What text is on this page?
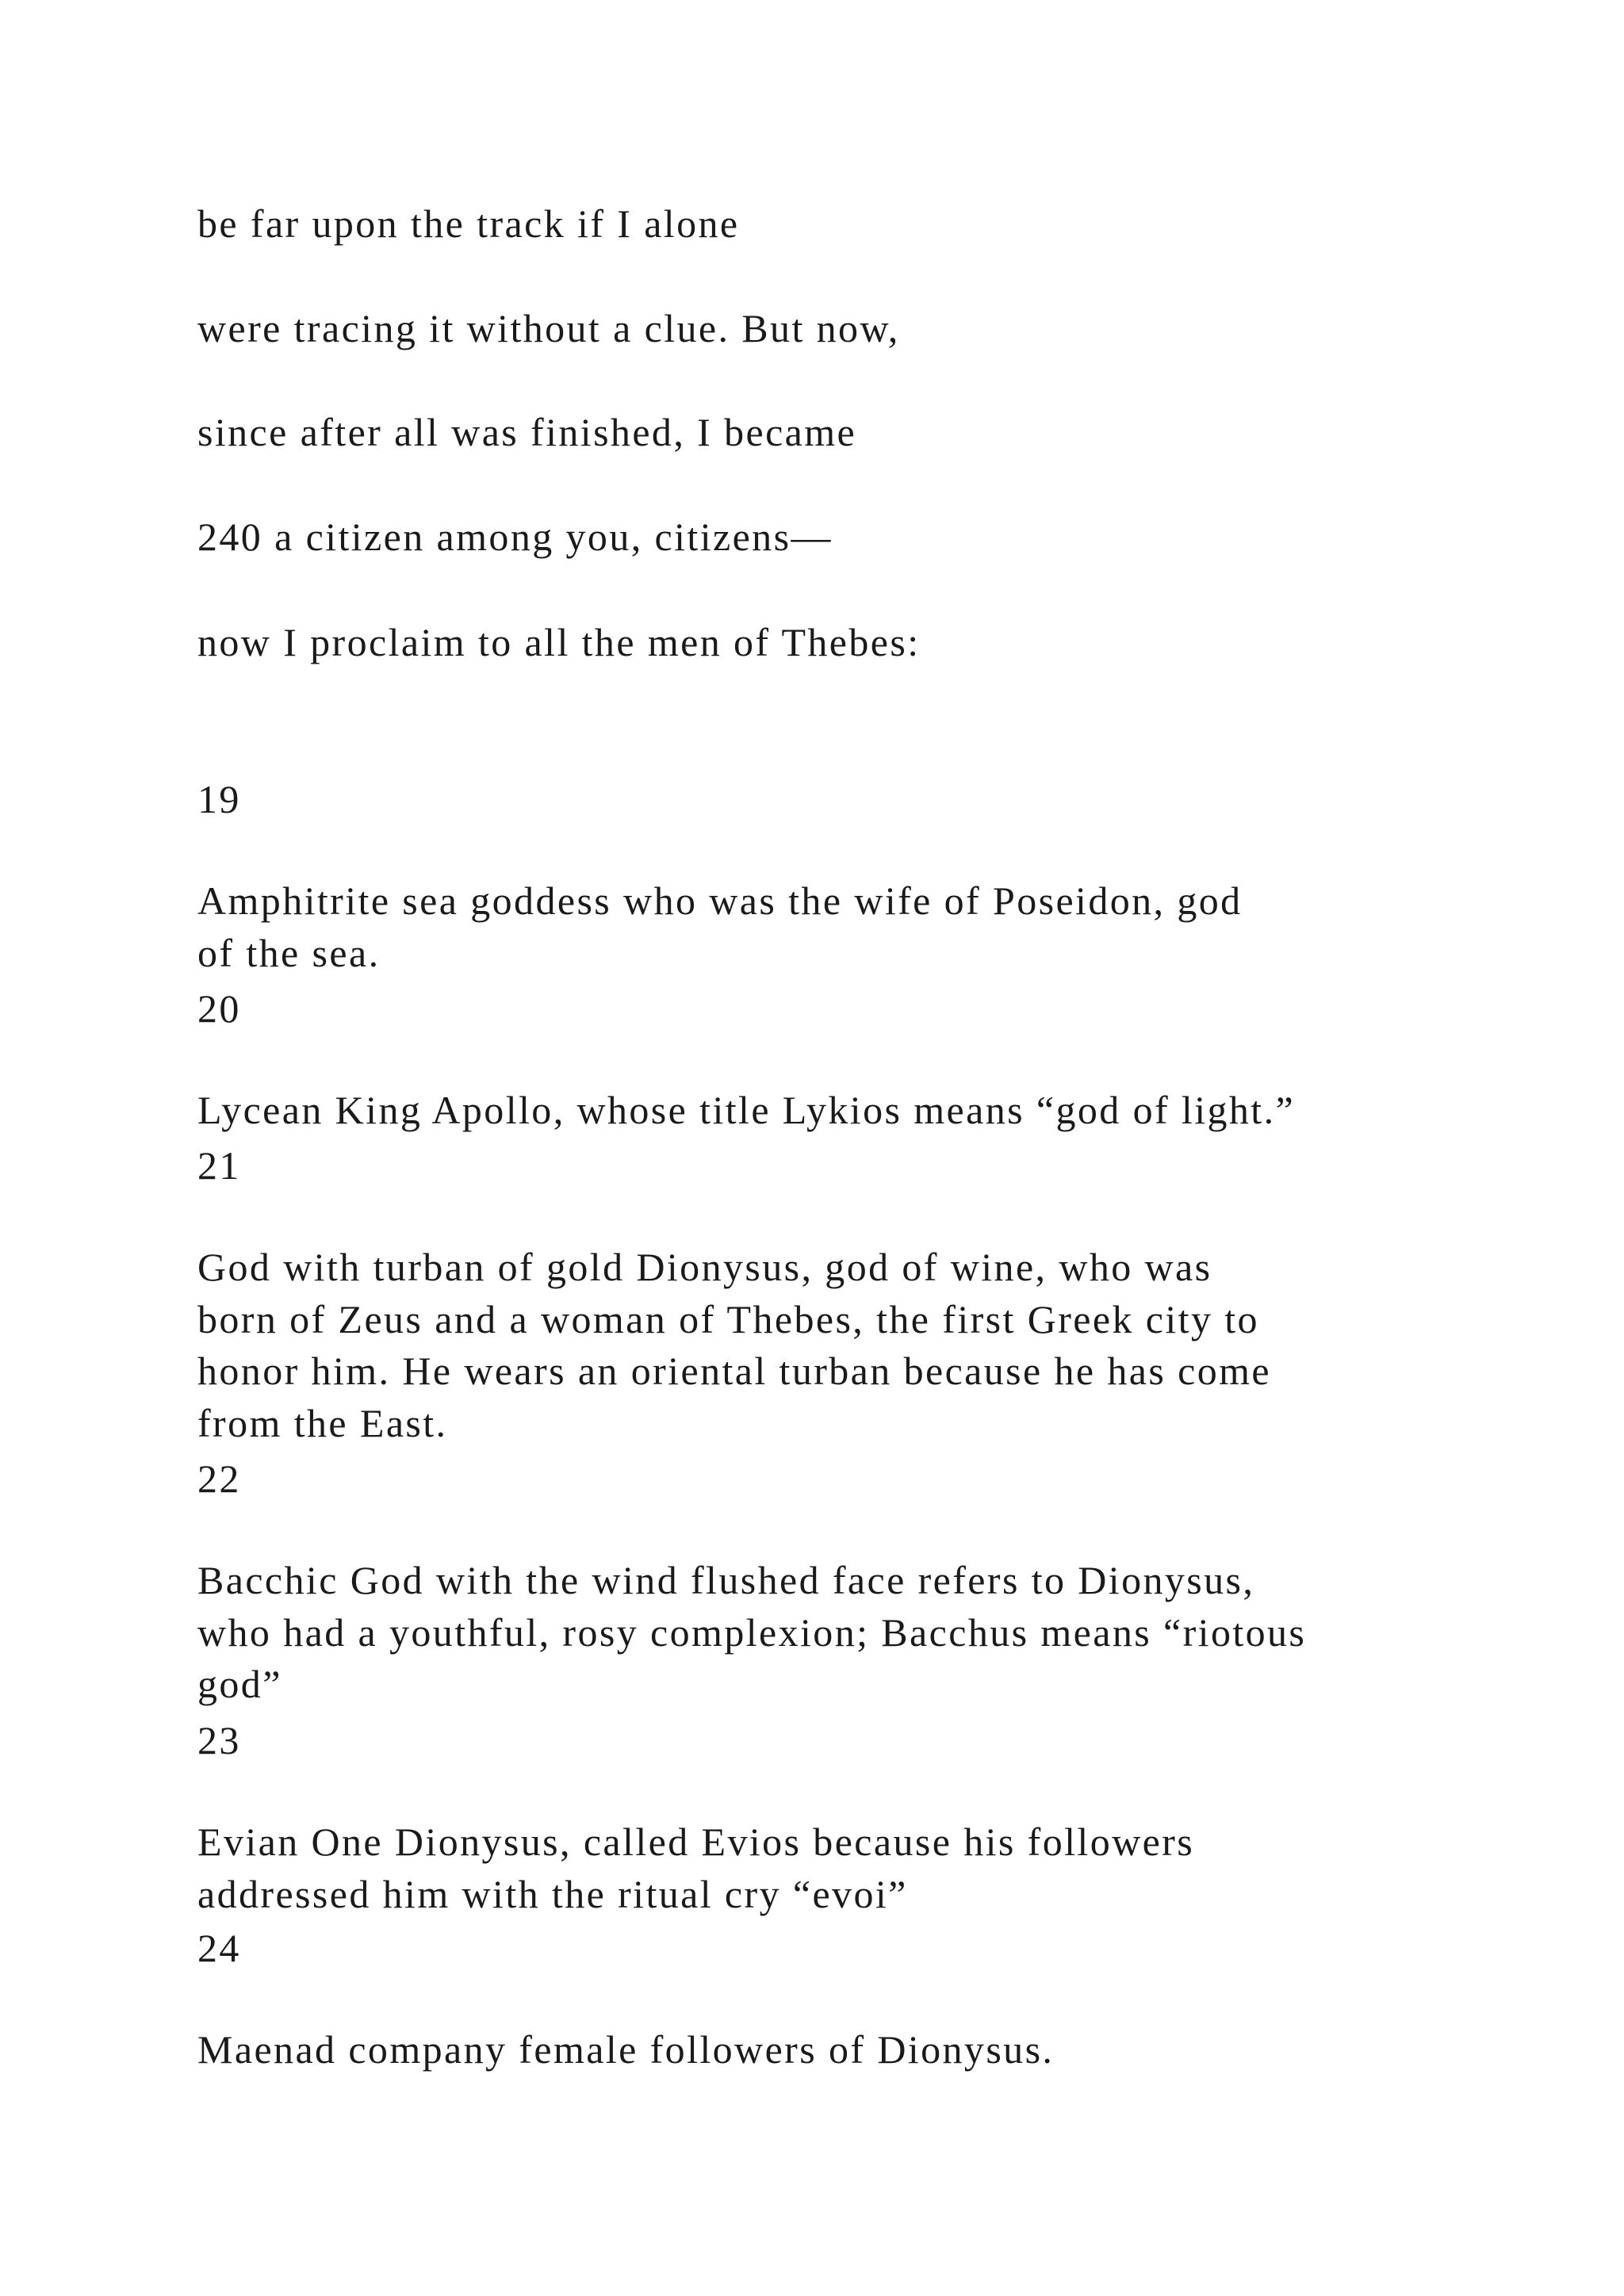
be far upon the track if I alone

were tracing it without a clue. But now,

since after all was finished, I became

240 a citizen among you, citizens—

now I proclaim to all the men of Thebes:

19

Amphitrite sea goddess who was the wife of Poseidon, god
of the sea.

20

Lycean King Apollo, whose title Lykios means “god of light.”

21

God with turban of gold Dionysus, god of wine, who was
born of Zeus and a woman of Thebes, the first Greek city to
honor him. He wears an oriental turban because he has come
from the East.

22

Bacchic God with the wind flushed face refers to Dionysus,
who had a youthful, rosy complexion; Bacchus means “riotous
god”

23

Evian One Dionysus, called Evios because his followers
addressed him with the ritual cry “evoi”

24

Maenad company female followers of Dionysus.
